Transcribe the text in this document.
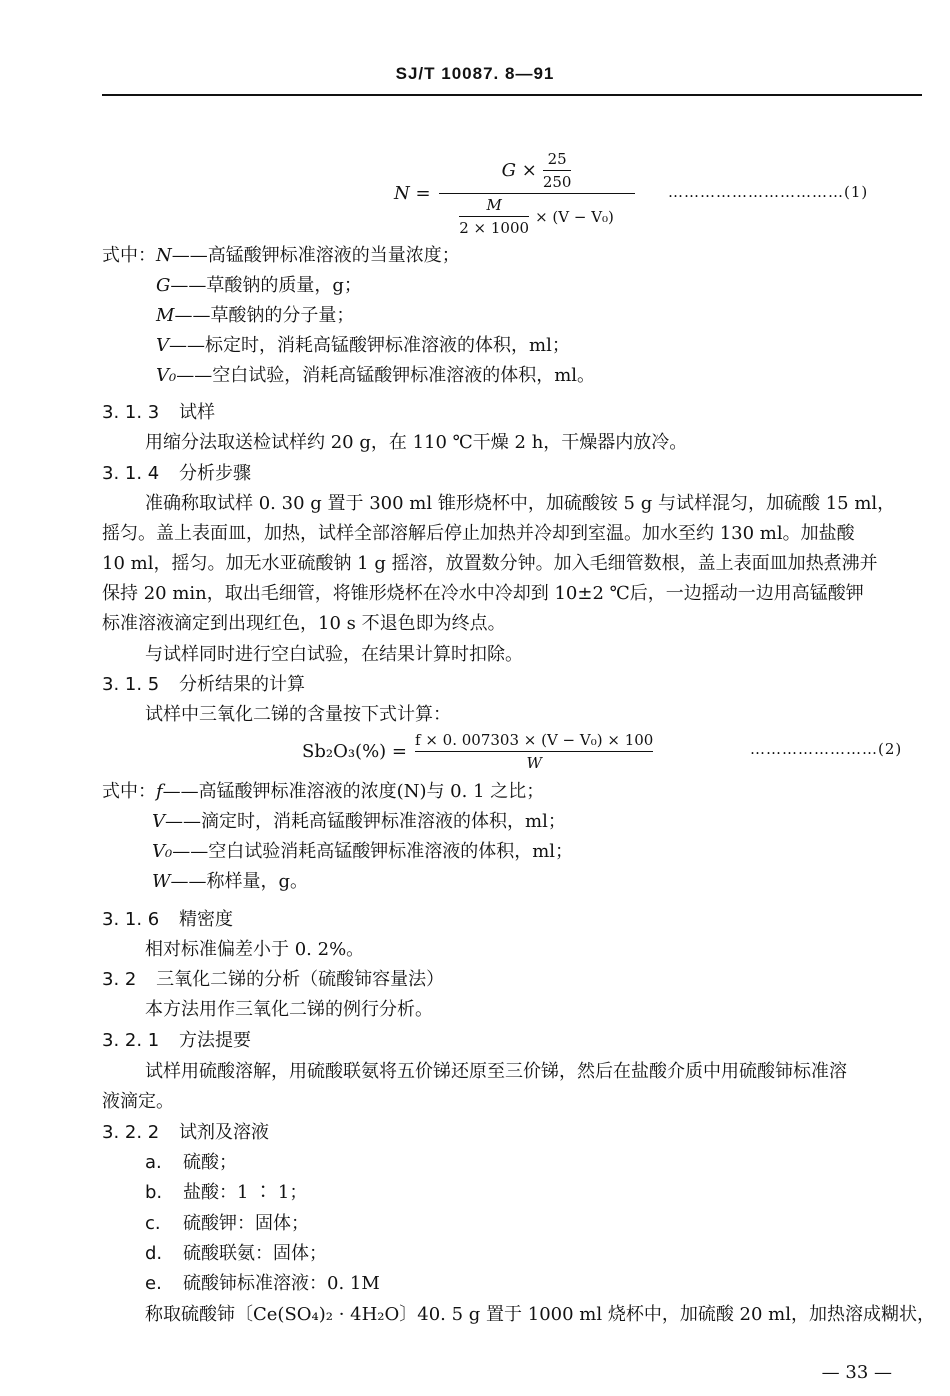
SJ/T 10087. 8—91
$N = \frac{G \times \frac{25}{250}}{\frac{M}{2 \times 1000} \times (V - V_0)}$ ……………………………(1)
式中：N——高锰酸钾标准溶液的当量浓度；
G——草酸钠的质量，g；
M——草酸钠的分子量；
V——标定时，消耗高锰酸钾标准溶液的体积，ml；
V₀——空白试验，消耗高锰酸钾标准溶液的体积，ml。
3. 1. 3 试样
用缩分法取送检试样约 20 g，在 110 ℃干燥 2 h，干燥器内放冷。
3. 1. 4 分析步骤
准确称取试样 0. 30 g 置于 300 ml 锥形烧杯中，加硫酸铵 5 g 与试样混匀，加硫酸 15 ml，
摇匀。盖上表面皿，加热，试样全部溶解后停止加热并冷却到室温。加水至约 130 ml。加盐酸
10 ml，摇匀。加无水亚硫酸钠 1 g 摇溶，放置数分钟。加入毛细管数根，盖上表面皿加热煮沸并
保持 20 min，取出毛细管，将锥形烧杯在冷水中冷却到 10±2 ℃后，一边摇动一边用高锰酸钾
标准溶液滴定到出现红色，10 s 不退色即为终点。
与试样同时进行空白试验，在结果计算时扣除。
3. 1. 5 分析结果的计算
试样中三氧化二锑的含量按下式计算：
$Sb_2O_3(\%) = \frac{\text{f × 0. 007303 × (V − V₀) × 100}}{W}$	……………………(2)
式中：f——高锰酸钾标准溶液的浓度(N)与 0. 1 之比；
V——滴定时，消耗高锰酸钾标准溶液的体积，ml；
V₀——空白试验消耗高锰酸钾标准溶液的体积，ml；
W——称样量，g。
3. 1. 6 精密度
相对标准偏差小于 0. 2%。
3. 2 三氧化二锑的分析（硫酸铈容量法）
本方法用作三氧化二锑的例行分析。
3. 2. 1 方法提要
试样用硫酸溶解，用硫酸联氨将五价锑还原至三价锑，然后在盐酸介质中用硫酸铈标准溶
液滴定。
3. 2. 2 试剂及溶液
a. 硫酸；
b. 盐酸：1 ∶ 1；
c. 硫酸钾：固体；
d. 硫酸联氨：固体；
e. 硫酸铈标准溶液：0. 1M
称取硫酸铈〔Ce(SO₄)₂ · 4H₂O〕40. 5 g 置于 1000 ml 烧杯中，加硫酸 20 ml，加热溶成糊状，
— 33 —
